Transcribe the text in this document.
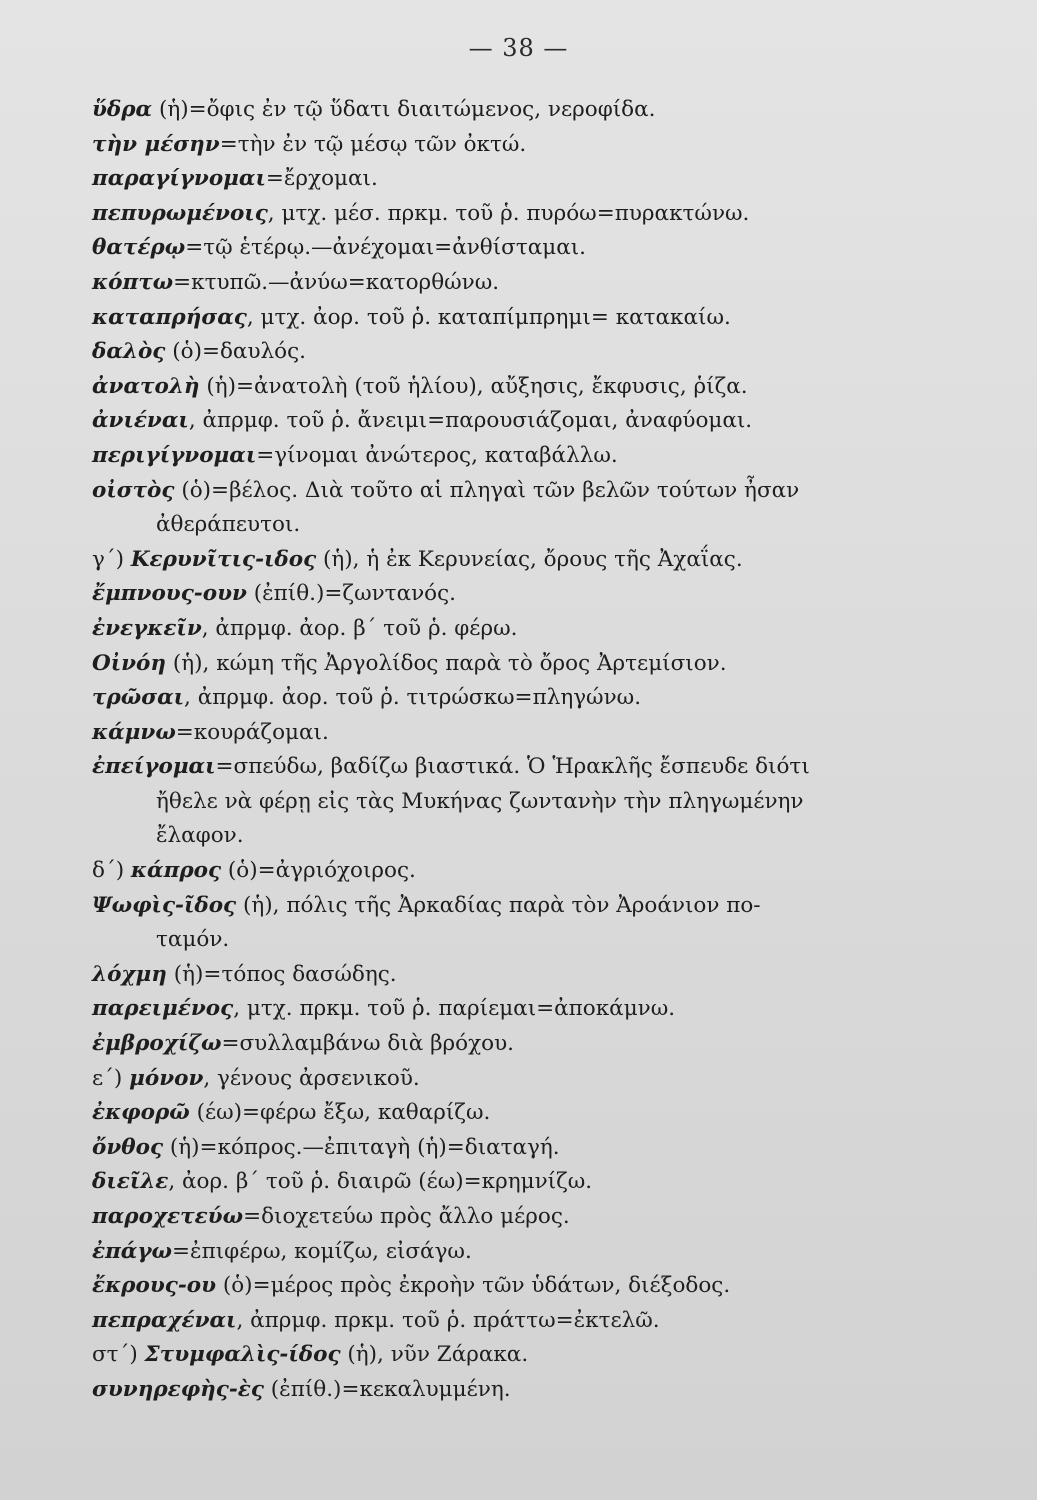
— 38 —
ὕδρα (ἡ)=ὄφις ἐν τῷ ὕδατι διαιτώμενος, νεροφίδα.
τὴν μέσην=τὴν ἐν τῷ μέσῳ τῶν ὀκτώ.
παραγίγνομαι=ἔρχομαι.
πεπυρωμένοις, μτχ. μέσ. πρκμ. τοῦ ῥ. πυρόω=πυρακτώνω.
θατέρῳ=τῷ ἑτέρῳ.—ἀνέχομαι=ἀνθίσταμαι.
κόπτω=κτυπῶ.—ἀνύω=κατορθώνω.
καταπρήσας, μτχ. ἀορ. τοῦ ῥ. καταπίμπρημι= κατακαίω.
δαλὸς (ὁ)=δαυλός.
ἀνατολὴ (ἡ)=ἀνατολὴ (τοῦ ἡλίου), αὔξησις, ἔκφυσις, ῥίζα.
ἀνιέναι, ἀπρμφ. τοῦ ῥ. ἄνειμι=παρουσιάζομαι, ἀναφύομαι.
περιγίγνομαι=γίνομαι ἀνώτερος, καταβάλλω.
οἰστὸς (ὁ)=βέλος. Διὰ τοῦτο αἱ πληγαὶ τῶν βελῶν τούτων ἦσαν
ἀθεράπευτοι.
γ΄) Κερυνῖτις-ιδος (ἡ), ἡ ἐκ Κερυνείας, ὄρους τῆς Ἀχαΐας.
ἔμπνους-ουν (ἐπίθ.)=ζωντανός.
ἐνεγκεῖν, ἀπρμφ. ἀορ. β΄ τοῦ ῥ. φέρω.
Οἰνόη (ἡ), κώμη τῆς Ἀργολίδος παρὰ τὸ ὄρος Ἀρτεμίσιον.
τρῶσαι, ἀπρμφ. ἀορ. τοῦ ῥ. τιτρώσκω=πληγώνω.
κάμνω=κουράζομαι.
ἐπείγομαι=σπεύδω, βαδίζω βιαστικά. Ὁ Ἡρακλῆς ἔσπευδε διότι
ἤθελε νὰ φέρῃ εἰς τὰς Μυκήνας ζωντανὴν τὴν πληγωμένην
ἔλαφον.
δ΄) κάπρος (ὁ)=ἀγριόχοιρος.
Ψωφὶς-ῖδος (ἡ), πόλις τῆς Ἀρκαδίας παρὰ τὸν Ἀροάνιον πο-
ταμόν.
λόχμη (ἡ)=τόπος δασώδης.
παρειμένος, μτχ. πρκμ. τοῦ ῥ. παρίεμαι=ἀποκάμνω.
ἐμβροχίζω=συλλαμβάνω διὰ βρόχου.
ε΄) μόνον, γένους ἀρσενικοῦ.
ἐκφορῶ (έω)=φέρω ἔξω, καθαρίζω.
ὄνθος (ἡ)=κόπρος.—ἐπιταγὴ (ἡ)=διαταγή.
διεῖλε, ἀορ. β΄ τοῦ ῥ. διαιρῶ (έω)=κρημνίζω.
παροχετεύω=διοχετεύω πρὸς ἄλλο μέρος.
ἐπάγω=ἐπιφέρω, κομίζω, εἰσάγω.
ἔκρους-ου (ὁ)=μέρος πρὸς ἐκροὴν τῶν ὑδάτων, διέξοδος.
πεπραχέναι, ἀπρμφ. πρκμ. τοῦ ῥ. πράττω=ἐκτελῶ.
στ΄) Στυμφαλὶς-ίδος (ἡ), νῦν Ζάρακα.
συνηρεφὴς-ὲς (ἐπίθ.)=κεκαλυμμένη.
